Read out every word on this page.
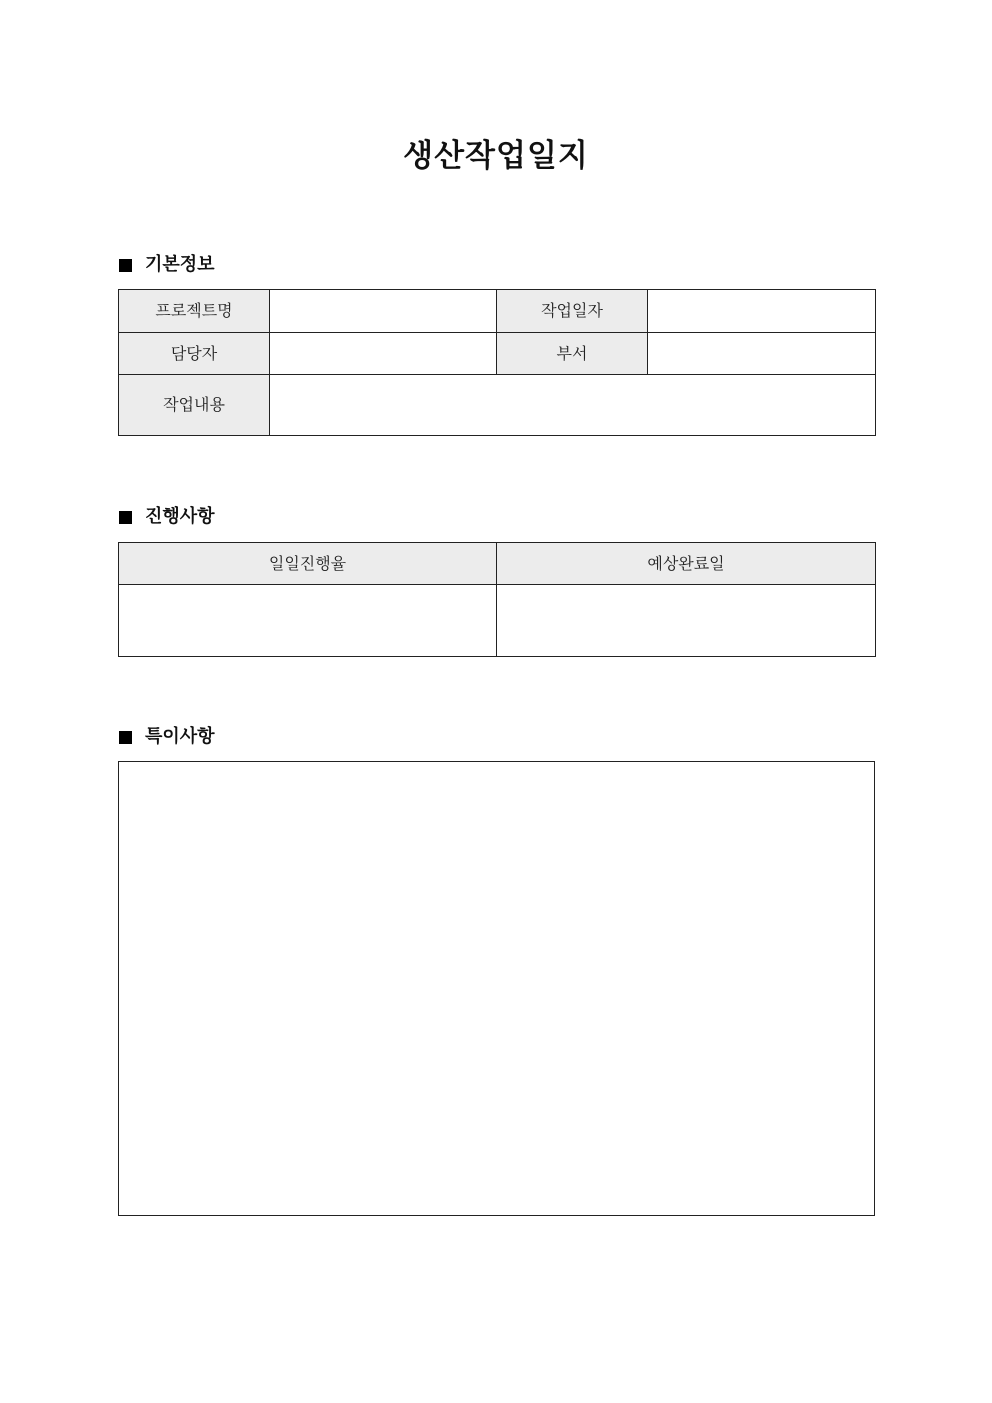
생산작업일지
기본정보
프로젝트명		작업일자	
담당자		부서	
작업내용			
진행사항
일일진행율	예상완료일

특이사항
